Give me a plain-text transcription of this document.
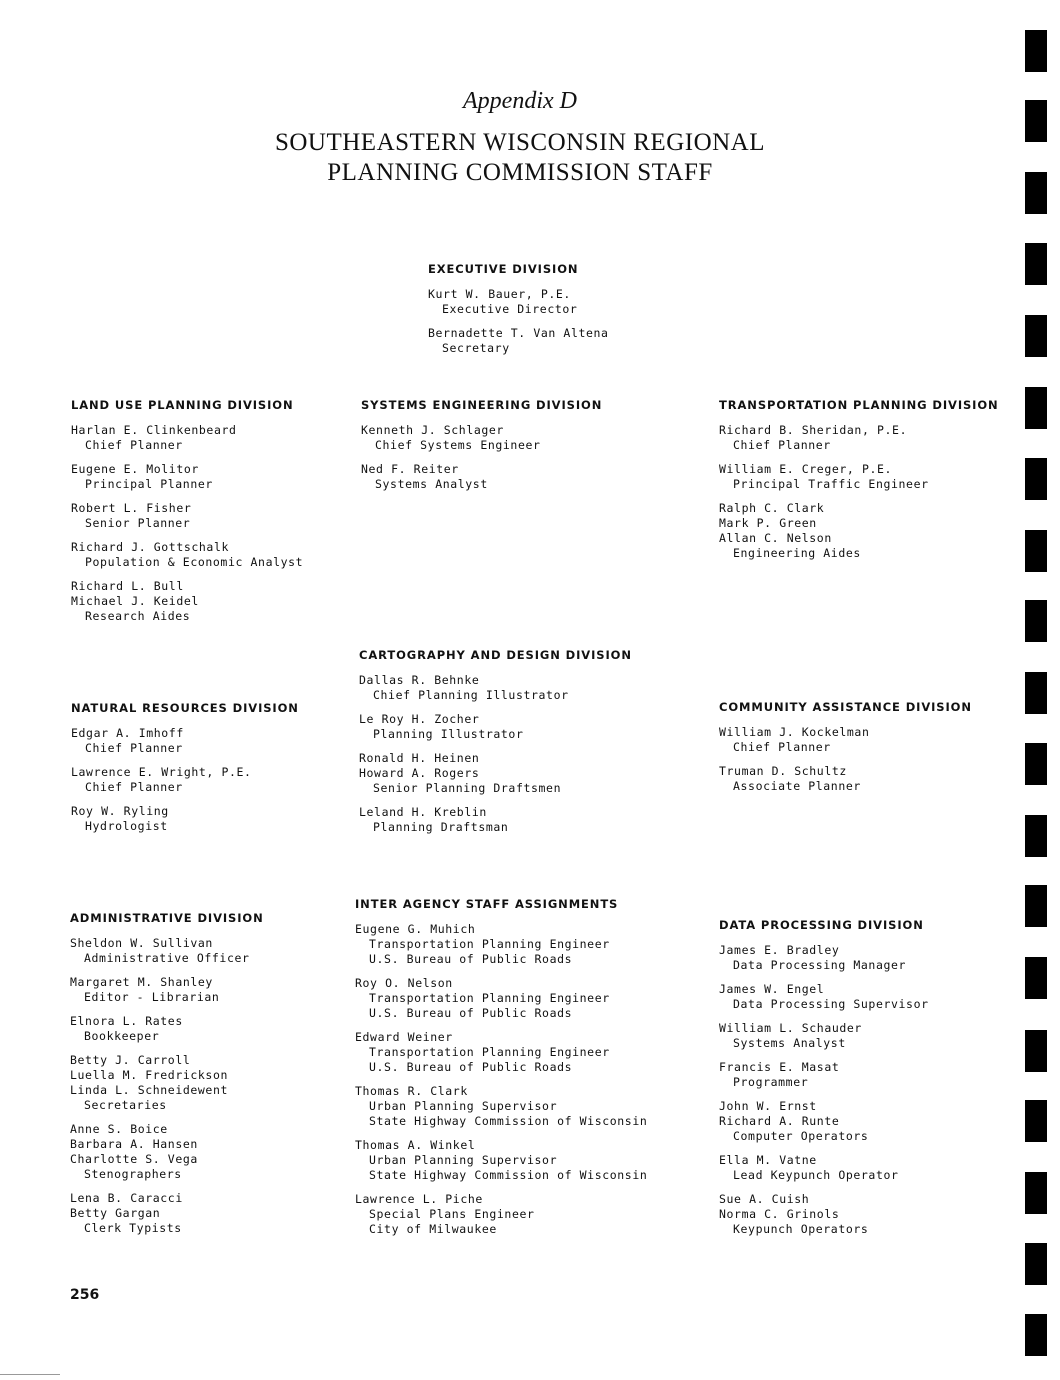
Appendix D
SOUTHEASTERN WISCONSIN REGIONAL
PLANNING COMMISSION STAFF
EXECUTIVE DIVISION
Kurt W. Bauer, P.E.
Executive Director
Bernadette T. Van Altena
Secretary
LAND USE PLANNING DIVISION
Harlan E. Clinkenbeard
Chief Planner
Eugene E. Molitor
Principal Planner
Robert L. Fisher
Senior Planner
Richard J. Gottschalk
Population & Economic Analyst
Richard L. Bull
Michael J. Keidel
Research Aides
SYSTEMS ENGINEERING DIVISION
Kenneth J. Schlager
Chief Systems Engineer
Ned F. Reiter
Systems Analyst
TRANSPORTATION PLANNING DIVISION
Richard B. Sheridan, P.E.
Chief Planner
William E. Creger, P.E.
Principal Traffic Engineer
Ralph C. Clark
Mark P. Green
Allan C. Nelson
Engineering Aides
CARTOGRAPHY AND DESIGN DIVISION
Dallas R. Behnke
Chief Planning Illustrator
Le Roy H. Zocher
Planning Illustrator
Ronald H. Heinen
Howard A. Rogers
Senior Planning Draftsmen
Leland H. Kreblin
Planning Draftsman
NATURAL RESOURCES DIVISION
Edgar A. Imhoff
Chief Planner
Lawrence E. Wright, P.E.
Chief Planner
Roy W. Ryling
Hydrologist
COMMUNITY ASSISTANCE DIVISION
William J. Kockelman
Chief Planner
Truman D. Schultz
Associate Planner
ADMINISTRATIVE DIVISION
Sheldon W. Sullivan
Administrative Officer
Margaret M. Shanley
Editor - Librarian
Elnora L. Rates
Bookkeeper
Betty J. Carroll
Luella M. Fredrickson
Linda L. Schneidewent
Secretaries
Anne S. Boice
Barbara A. Hansen
Charlotte S. Vega
Stenographers
Lena B. Caracci
Betty Gargan
Clerk Typists
INTER AGENCY STAFF ASSIGNMENTS
Eugene G. Muhich
Transportation Planning Engineer
U.S. Bureau of Public Roads
Roy O. Nelson
Transportation Planning Engineer
U.S. Bureau of Public Roads
Edward Weiner
Transportation Planning Engineer
U.S. Bureau of Public Roads
Thomas R. Clark
Urban Planning Supervisor
State Highway Commission of Wisconsin
Thomas A. Winkel
Urban Planning Supervisor
State Highway Commission of Wisconsin
Lawrence L. Piche
Special Plans Engineer
City of Milwaukee
DATA PROCESSING DIVISION
James E. Bradley
Data Processing Manager
James W. Engel
Data Processing Supervisor
William L. Schauder
Systems Analyst
Francis E. Masat
Programmer
John W. Ernst
Richard A. Runte
Computer Operators
Ella M. Vatne
Lead Keypunch Operator
Sue A. Cuish
Norma C. Grinols
Keypunch Operators
256
